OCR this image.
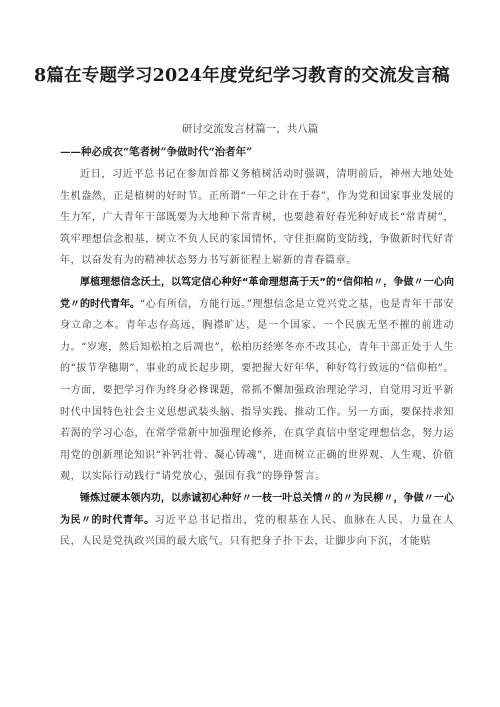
8篇在专题学习2024年度党纪学习教育的交流发言稿
研讨交流发言材篇一，共八篇
——种必成衣“笔者树”争做时代“治者年”

近日，习近平总书记在参加首都义务植树活动时强调，清明前后，神州大地处处生机盎然，正是植树的好时节。正所谓“一年之计在于春”，作为党和国家事业发展的生力军，广大青年干部既要为大地种下常青树，也要趁着好春光种好成长“常青树”，筑牢理想信念根基，树立不负人民的家国情怀，守住拒腐防变防线，争做新时代好青年，以奋发有为的精神状态努力书写新征程上崭新的青春篇章。

厚植理想信念沃土，以笃定信心种好“革命理想高于天”的“信仰柏〃，争做〃一心向党〃的时代青年。“心有所信，方能行远。”理想信念是立党兴党之基，也是青年干部安身立命之本。青年志存高远，胸襟旷达，是一个国家、一个民族无坚不摧的前进动力。“岁寒，然后知松柏之后凋也”，松柏历经寒冬亦不改其心，青年干部正处于人生的“拔节孕穗期”、事业的成长起步期，要把握大好年华，种好笃行致远的“信仰柏”。一方面，要把学习作为终身必修课题，常抓不懈加强政治理论学习，自觉用习近平新时代中国特色社会主义思想武装头脑、指导实践、推动工作。另一方面，要保持求知若渴的学习心态，在常学常新中加强理论修养，在真学真信中坚定理想信念，努力运用党的创新理论知识“补钙壮骨、凝心铸魂”，进而树立正确的世界观、人生观、价值观，以实际行动践行“请党放心，强国有我”的铮铮誓言。

锤炼过硬本领内功，以赤诚初心种好〃一枝一叶总关情〃的〃为民柳〃，争做〃一心为民〃的时代青年。习近平总书记指出，党的根基在人民、血脉在人民、力量在人民，人民是党执政兴国的最大底气。只有把身子扑下去，让脚步向下沉，才能贴
